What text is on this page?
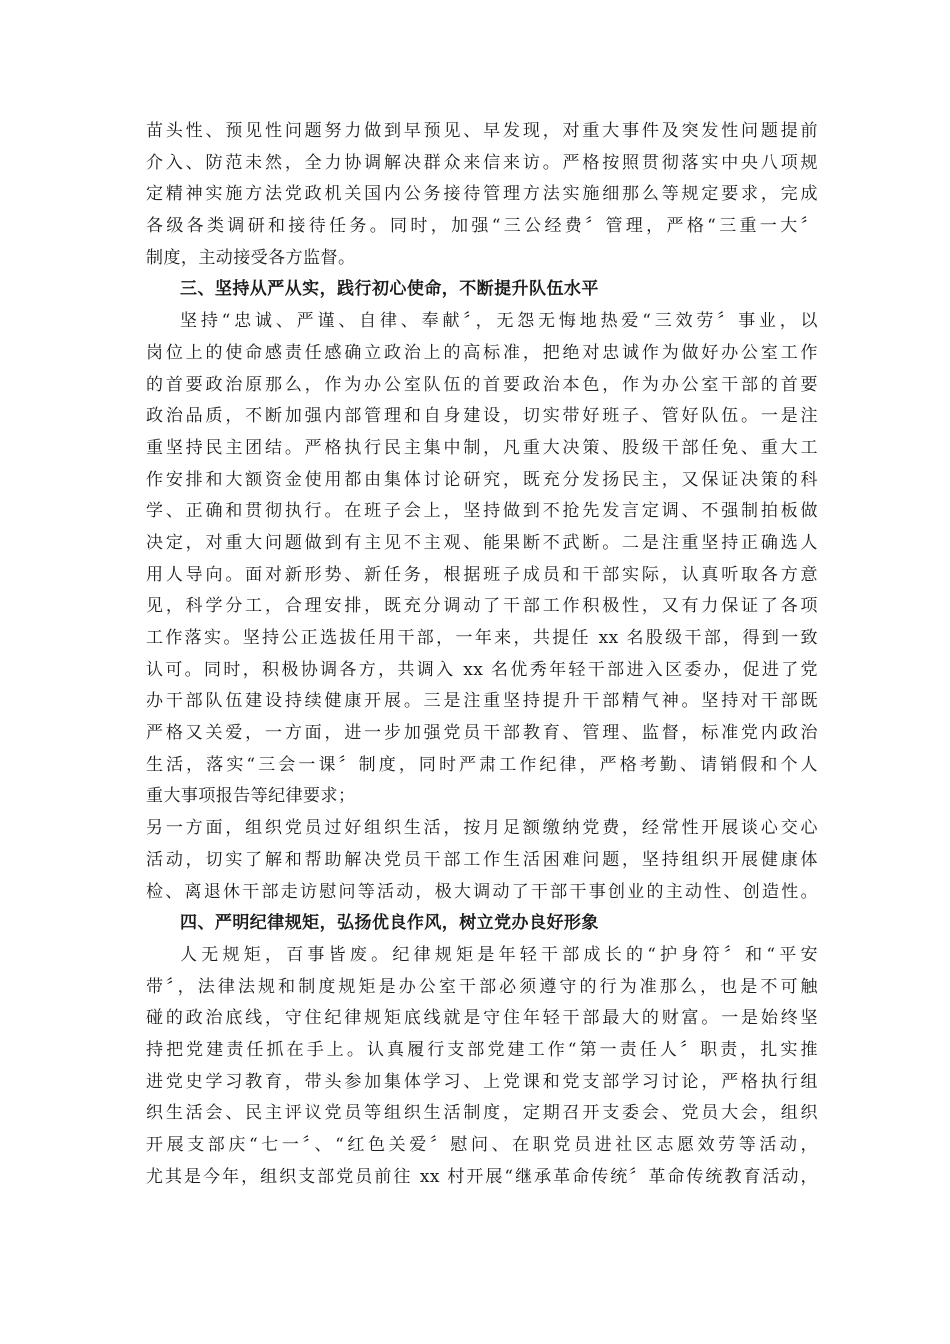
苗头性、预见性问题努力做到早预见、早发现，对重大事件及突发性问题提前
介入、防范未然，全力协调解决群众来信来访。严格按照贯彻落实中央八项规
定精神实施方法党政机关国内公务接待管理方法实施细那么等规定要求，完成
各级各类调研和接待任务。同时，加强“三公经费〞管理，严格“三重一大〞
制度，主动接受各方监督。
三、坚持从严从实，践行初心使命，不断提升队伍水平
坚持“忠诚、严谨、自律、奉献〞，无怨无悔地热爱“三效劳〞事业，以
岗位上的使命感责任感确立政治上的高标准，把绝对忠诚作为做好办公室工作
的首要政治原那么，作为办公室队伍的首要政治本色，作为办公室干部的首要
政治品质，不断加强内部管理和自身建设，切实带好班子、管好队伍。一是注
重坚持民主团结。严格执行民主集中制，凡重大决策、股级干部任免、重大工
作安排和大额资金使用都由集体讨论研究，既充分发扬民主，又保证决策的科
学、正确和贯彻执行。在班子会上，坚持做到不抢先发言定调、不强制拍板做
决定，对重大问题做到有主见不主观、能果断不武断。二是注重坚持正确选人
用人导向。面对新形势、新任务，根据班子成员和干部实际，认真听取各方意
见，科学分工，合理安排，既充分调动了干部工作积极性，又有力保证了各项
工作落实。坚持公正选拔任用干部，一年来，共提任 xx 名股级干部，得到一致
认可。同时，积极协调各方，共调入 xx 名优秀年轻干部进入区委办，促进了党
办干部队伍建设持续健康开展。三是注重坚持提升干部精气神。坚持对干部既
严格又关爱，一方面，进一步加强党员干部教育、管理、监督，标准党内政治
生活，落实“三会一课〞制度，同时严肃工作纪律，严格考勤、请销假和个人
重大事项报告等纪律要求；
另一方面，组织党员过好组织生活，按月足额缴纳党费，经常性开展谈心交心
活动，切实了解和帮助解决党员干部工作生活困难问题，坚持组织开展健康体
检、离退休干部走访慰问等活动，极大调动了干部干事创业的主动性、创造性。
四、严明纪律规矩，弘扬优良作风，树立党办良好形象
人无规矩，百事皆废。纪律规矩是年轻干部成长的“护身符〞和“平安
带〞，法律法规和制度规矩是办公室干部必须遵守的行为准那么，也是不可触
碰的政治底线，守住纪律规矩底线就是守住年轻干部最大的财富。一是始终坚
持把党建责任抓在手上。认真履行支部党建工作“第一责任人〞职责，扎实推
进党史学习教育，带头参加集体学习、上党课和党支部学习讨论，严格执行组
织生活会、民主评议党员等组织生活制度，定期召开支委会、党员大会，组织
开展支部庆“七一〞、“红色关爱〞慰问、在职党员进社区志愿效劳等活动，
尤其是今年，组织支部党员前往 xx 村开展“继承革命传统〞革命传统教育活动，
